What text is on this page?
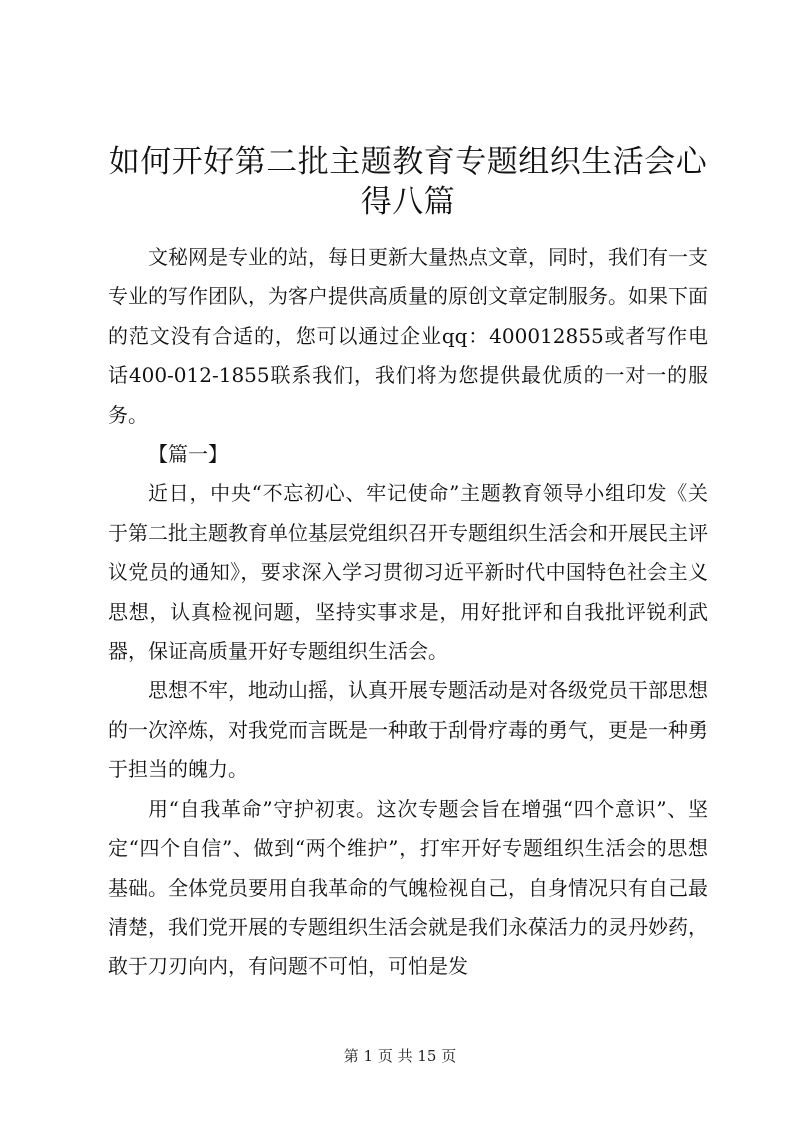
如何开好第二批主题教育专题组织生活会心得八篇

文秘网是专业的站，每日更新大量热点文章，同时，我们有一支专业的写作团队，为客户提供高质量的原创文章定制服务。如果下面的范文没有合适的，您可以通过企业qq：400012855或者写作电话400-012-1855联系我们，我们将为您提供最优质的一对一的服务。

【篇一】

近日，中央“不忘初心、牢记使命”主题教育领导小组印发《关于第二批主题教育单位基层党组织召开专题组织生活会和开展民主评议党员的通知》，要求深入学习贯彻习近平新时代中国特色社会主义思想，认真检视问题，坚持实事求是，用好批评和自我批评锐利武器，保证高质量开好专题组织生活会。

思想不牢，地动山摇，认真开展专题活动是对各级党员干部思想的一次淬炼，对我党而言既是一种敢于刮骨疗毒的勇气，更是一种勇于担当的魄力。

用“自我革命”守护初衷。这次专题会旨在增强“四个意识”、坚定“四个自信”、做到“两个维护”，打牢开好专题组织生活会的思想基础。全体党员要用自我革命的气魄检视自己，自身情况只有自己最清楚，我们党开展的专题组织生活会就是我们永葆活力的灵丹妙药，敢于刀刃向内，有问题不可怕，可怕是发

第 1 页 共 15 页
